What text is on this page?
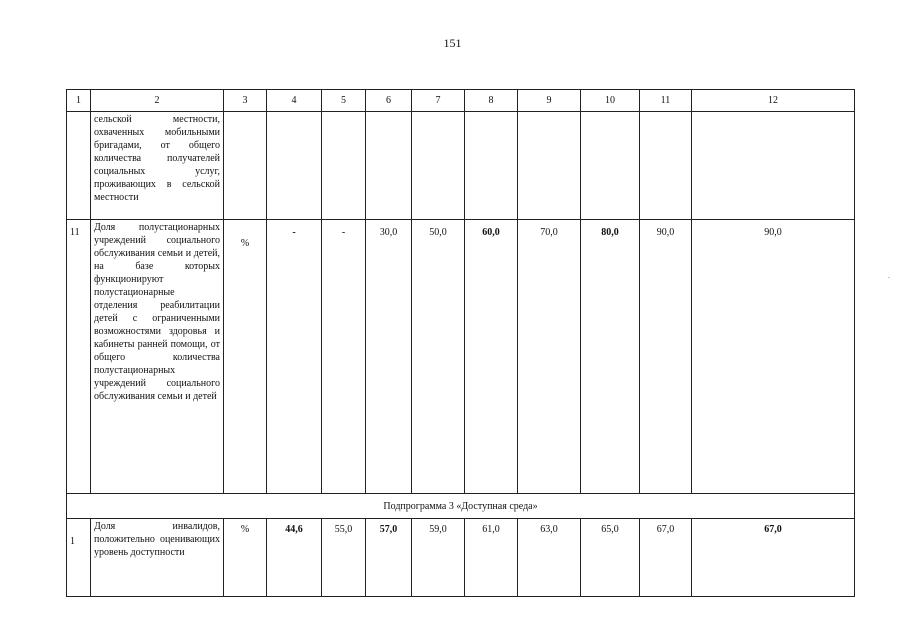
151
1	2	3	4	5	6	7	8	9	10	11	12
	сельской местности, охваченных мобильными бригадами, от общего количества получателей социальных услуг, проживающих в сельской местности										
11	Доля полустационарных учреждений социального обслуживания семьи и детей, на базе которых функционируют полустационарные отделения реабилитации детей с ограниченными возможностями здоровья и кабинеты ранней помощи, от общего количества полустационарных учреждений социального обслуживания семьи и детей	%	-	-	30,0	50,0	60,0	70,0	80,0	90,0	90,0
Подпрограмма 3 «Доступная среда»											
1	Доля инвалидов, положительно оценивающих уровень доступности	%	44,6	55,0	57,0	59,0	61,0	63,0	65,0	67,0	67,0
.
